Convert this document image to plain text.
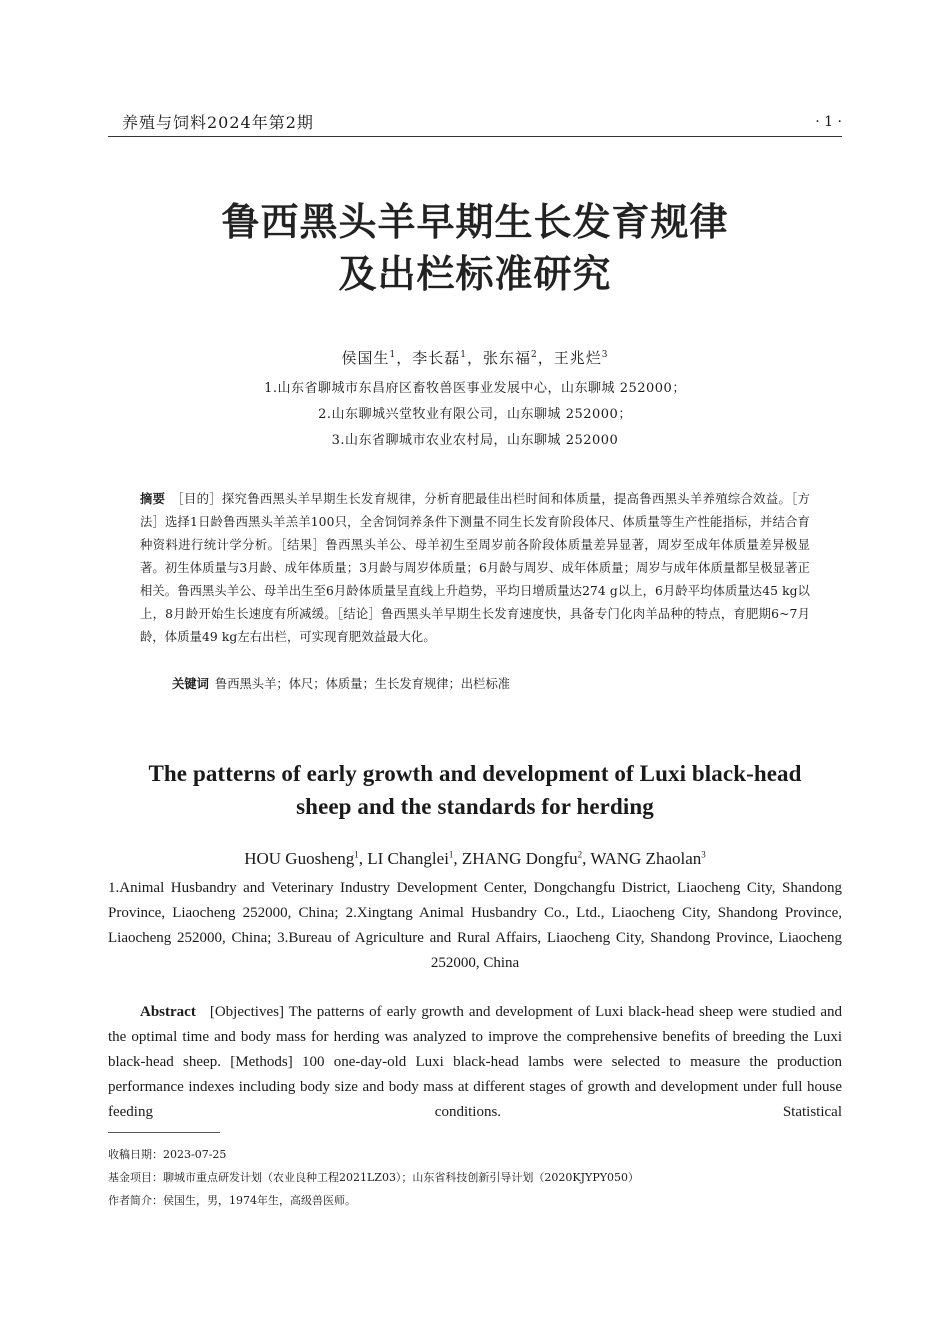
养殖与饲料2024年第2期	· 1 ·
鲁西黑头羊早期生长发育规律
及出栏标准研究
侯国生$^1$，李长磊$^1$，张东福$^2$，王兆烂$^3$
1.山东省聊城市东昌府区畜牧兽医事业发展中心，山东聊城 252000；
2.山东聊城兴堂牧业有限公司，山东聊城 252000；
3.山东省聊城市农业农村局，山东聊城 252000
摘要 ［目的］探究鲁西黑头羊早期生长发育规律，分析育肥最佳出栏时间和体质量，提高鲁西黑头羊养殖综合效益。［方法］选择1日龄鲁西黑头羊羔羊100只，全舍饲饲养条件下测量不同生长发育阶段体尺、体质量等生产性能指标，并结合育种资料进行统计学分析。［结果］鲁西黑头羊公、母羊初生至周岁前各阶段体质量差异显著，周岁至成年体质量差异极显著。初生体质量与3月龄、成年体质量；3月龄与周岁体质量；6月龄与周岁、成年体质量；周岁与成年体质量都呈极显著正相关。鲁西黑头羊公、母羊出生至6月龄体质量呈直线上升趋势，平均日增质量达274 g以上，6月龄平均体质量达45 kg以上，8月龄开始生长速度有所减缓。［结论］鲁西黑头羊早期生长发育速度快，具备专门化肉羊品种的特点，育肥期6~7月龄，体质量49 kg左右出栏，可实现育肥效益最大化。
关键词 鲁西黑头羊；体尺；体质量；生长发育规律；出栏标准
The patterns of early growth and development of Luxi black-head
sheep and the standards for herding
HOU Guosheng$^1$, LI Changlei$^1$, ZHANG Dongfu$^2$, WANG Zhaolan$^3$
1.Animal Husbandry and Veterinary Industry Development Center, Dongchangfu District, Liaocheng City, Shandong Province, Liaocheng 252000, China; 2.Xingtang Animal Husbandry Co., Ltd., Liaocheng City, Shandong Province, Liaocheng 252000, China; 3.Bureau of Agriculture and Rural Affairs, Liaocheng City, Shandong Province, Liaocheng 252000, China
Abstract [Objectives] The patterns of early growth and development of Luxi black-head sheep were studied and the optimal time and body mass for herding was analyzed to improve the comprehensive benefits of breeding the Luxi black-head sheep. [Methods] 100 one-day-old Luxi black-head lambs were selected to measure the production performance indexes including body size and body mass at different stages of growth and development under full house feeding conditions. Statistical
收稿日期：2023-07-25
基金项目：聊城市重点研发计划（农业良种工程2021LZ03）；山东省科技创新引导计划（2020KJYPY050）
作者简介：侯国生，男，1974年生，高级兽医师。
